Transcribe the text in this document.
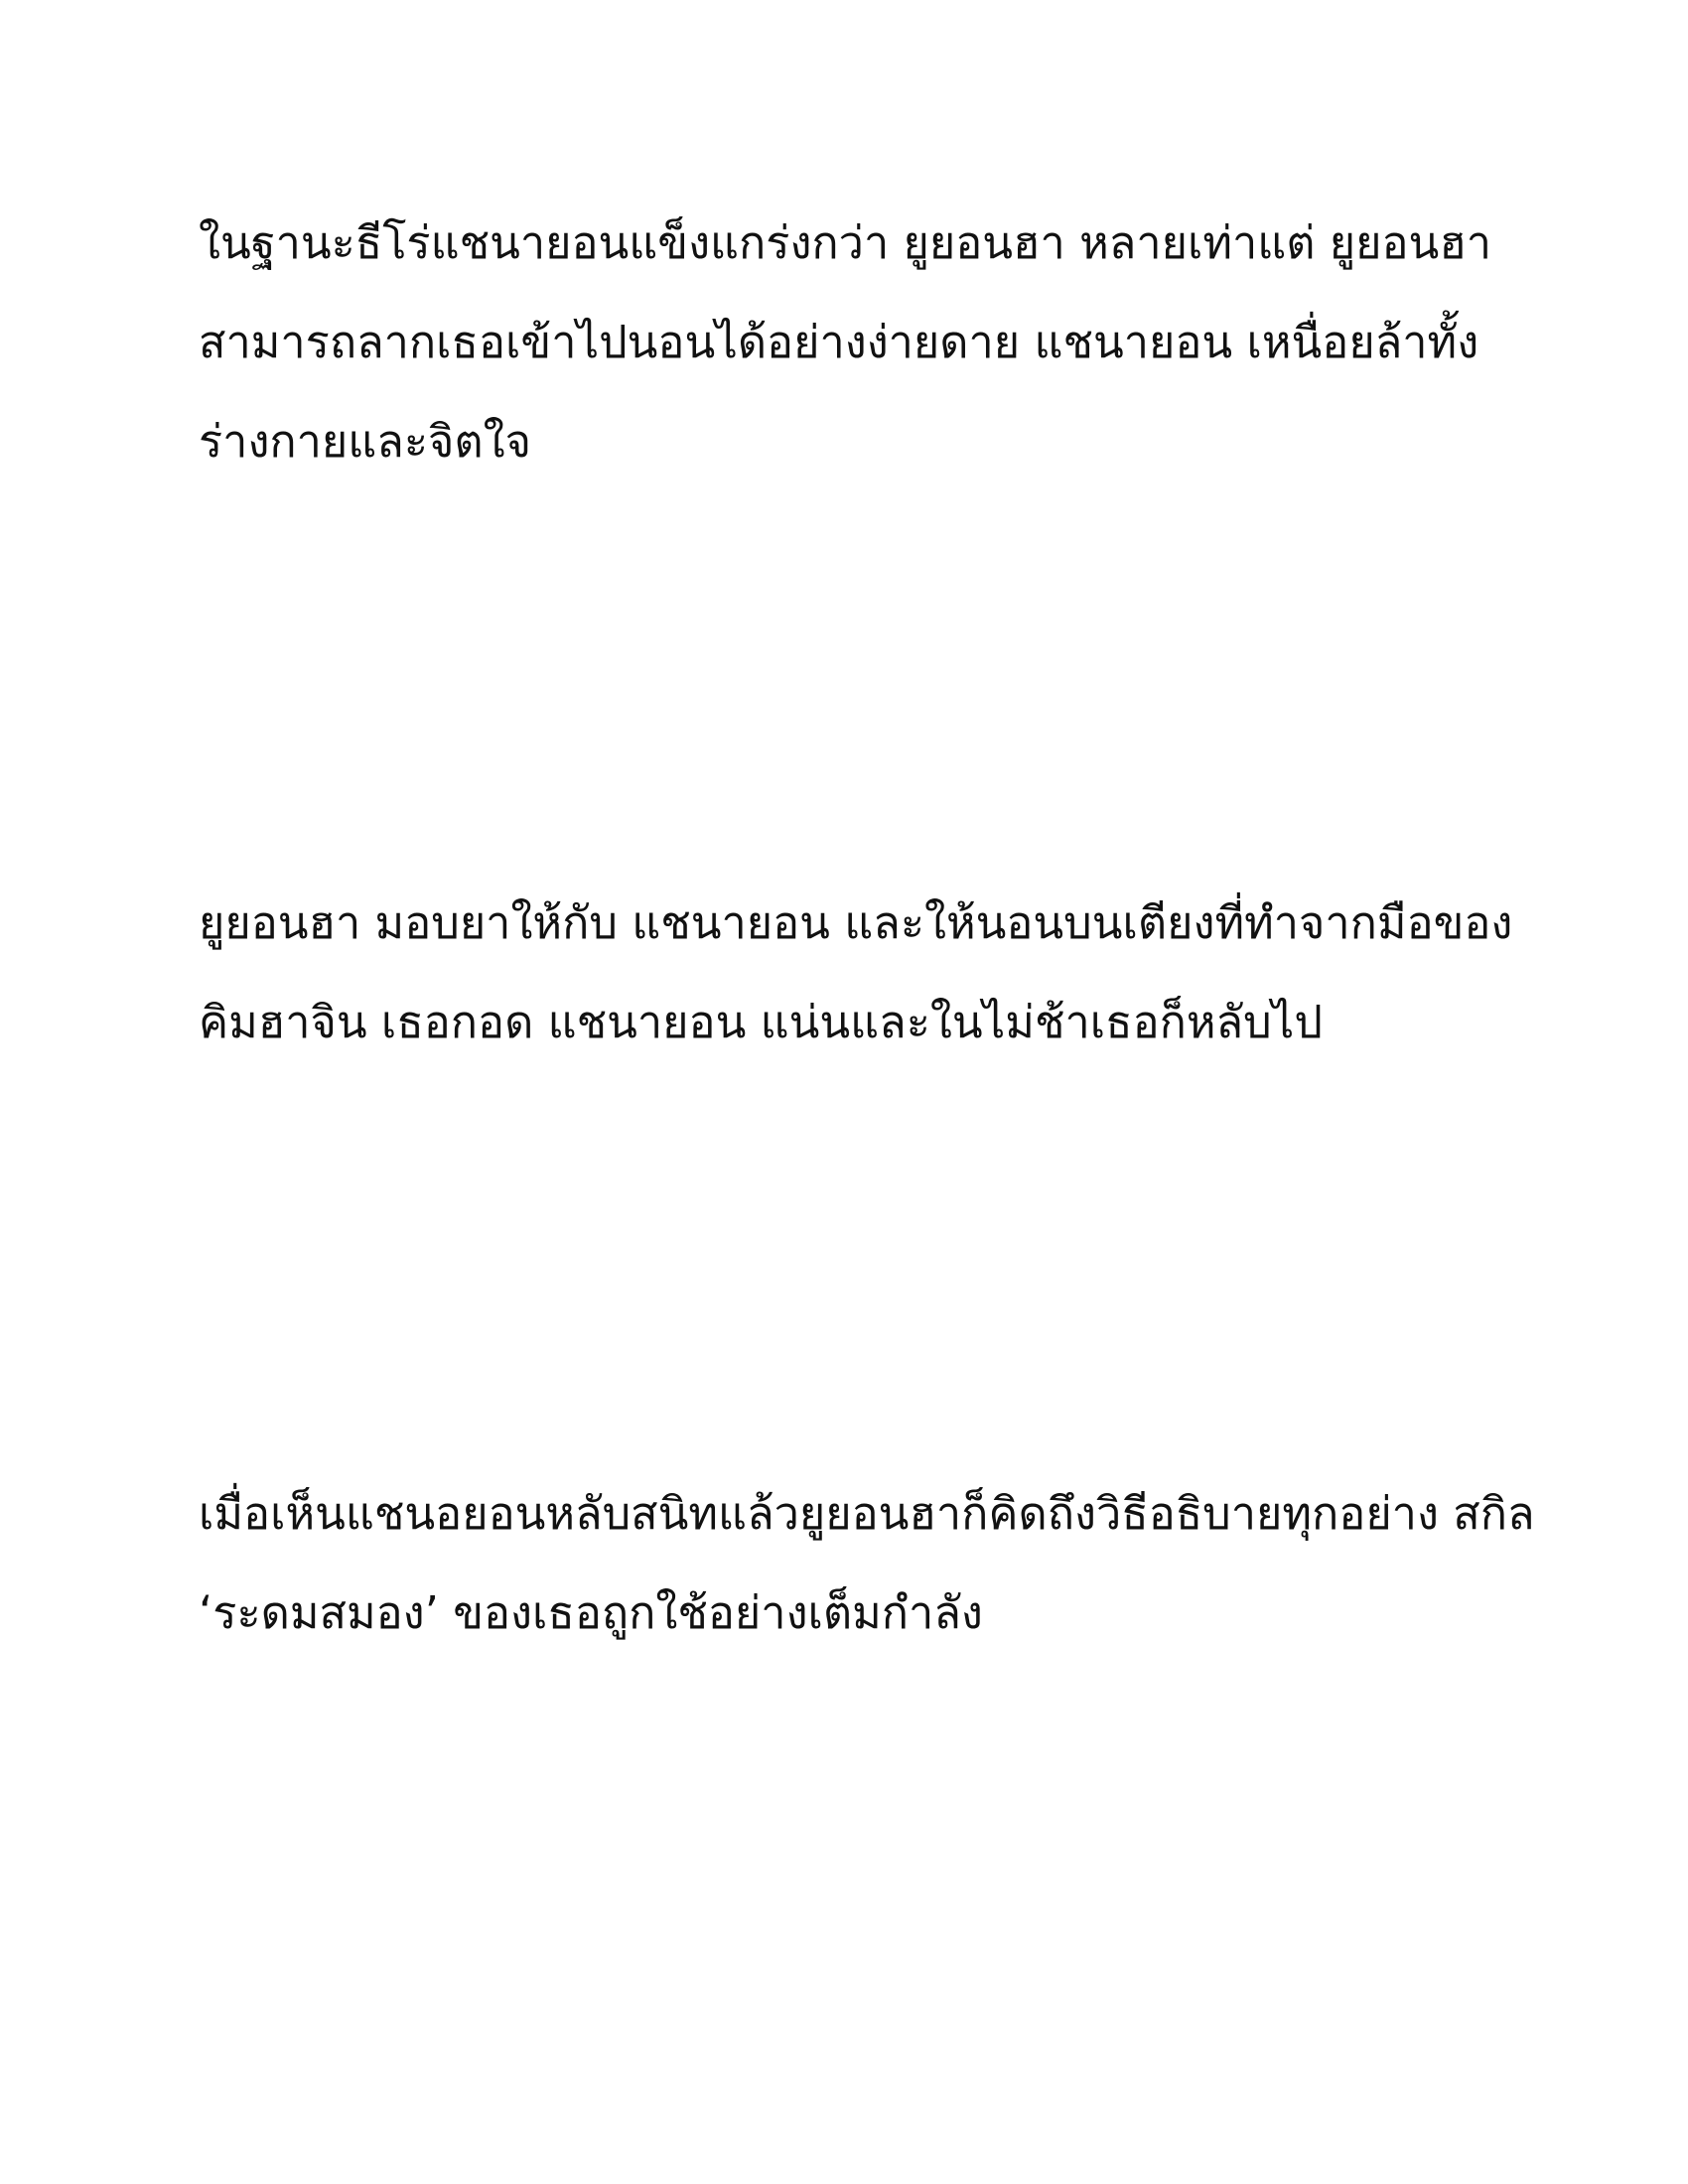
ในฐานะธีโร่แชนายอนแข็งแกร่งกว่า ยูยอนฮา หลายเท่าแต่ ยูยอนฮา
สามารถลากเธอเข้าไปนอนได้อย่างง่ายดาย แชนายอน เหนื่อยล้าทั้ง
ร่างกายและจิตใจ

ยูยอนฮา มอบยาให้กับ แชนายอน และให้นอนบนเตียงที่ทำจากมือของ
คิมฮาจิน เธอกอด แชนายอน แน่นและในไม่ช้าเธอก็หลับไป

เมื่อเห็นแชนอยอนหลับสนิทแล้วยูยอนฮาก็คิดถึงวิธีอธิบายทุกอย่าง สกิล
‘ระดมสมอง’ ของเธอถูกใช้อย่างเต็มกำลัง
